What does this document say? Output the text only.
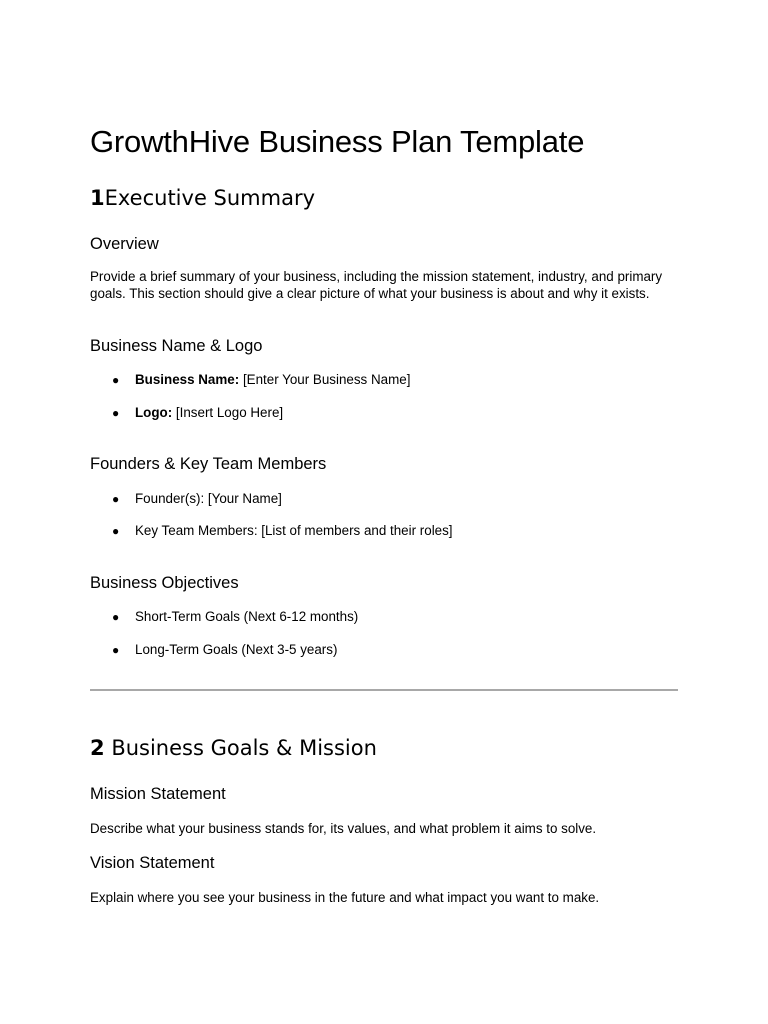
GrowthHive Business Plan Template
1Executive Summary
Overview

Provide a brief summary of your business, including the mission statement, industry, and primary goals. This section should give a clear picture of what your business is about and why it exists.

Business Name & Logo
● Business Name: [Enter Your Business Name]
● Logo: [Insert Logo Here]
Founders & Key Team Members
● Founder(s): [Your Name]
● Key Team Members: [List of members and their roles]
Business Objectives
● Short-Term Goals (Next 6-12 months)
● Long-Term Goals (Next 3-5 years)
2 Business Goals & Mission
Mission Statement

Describe what your business stands for, its values, and what problem it aims to solve.

Vision Statement

Explain where you see your business in the future and what impact you want to make.
